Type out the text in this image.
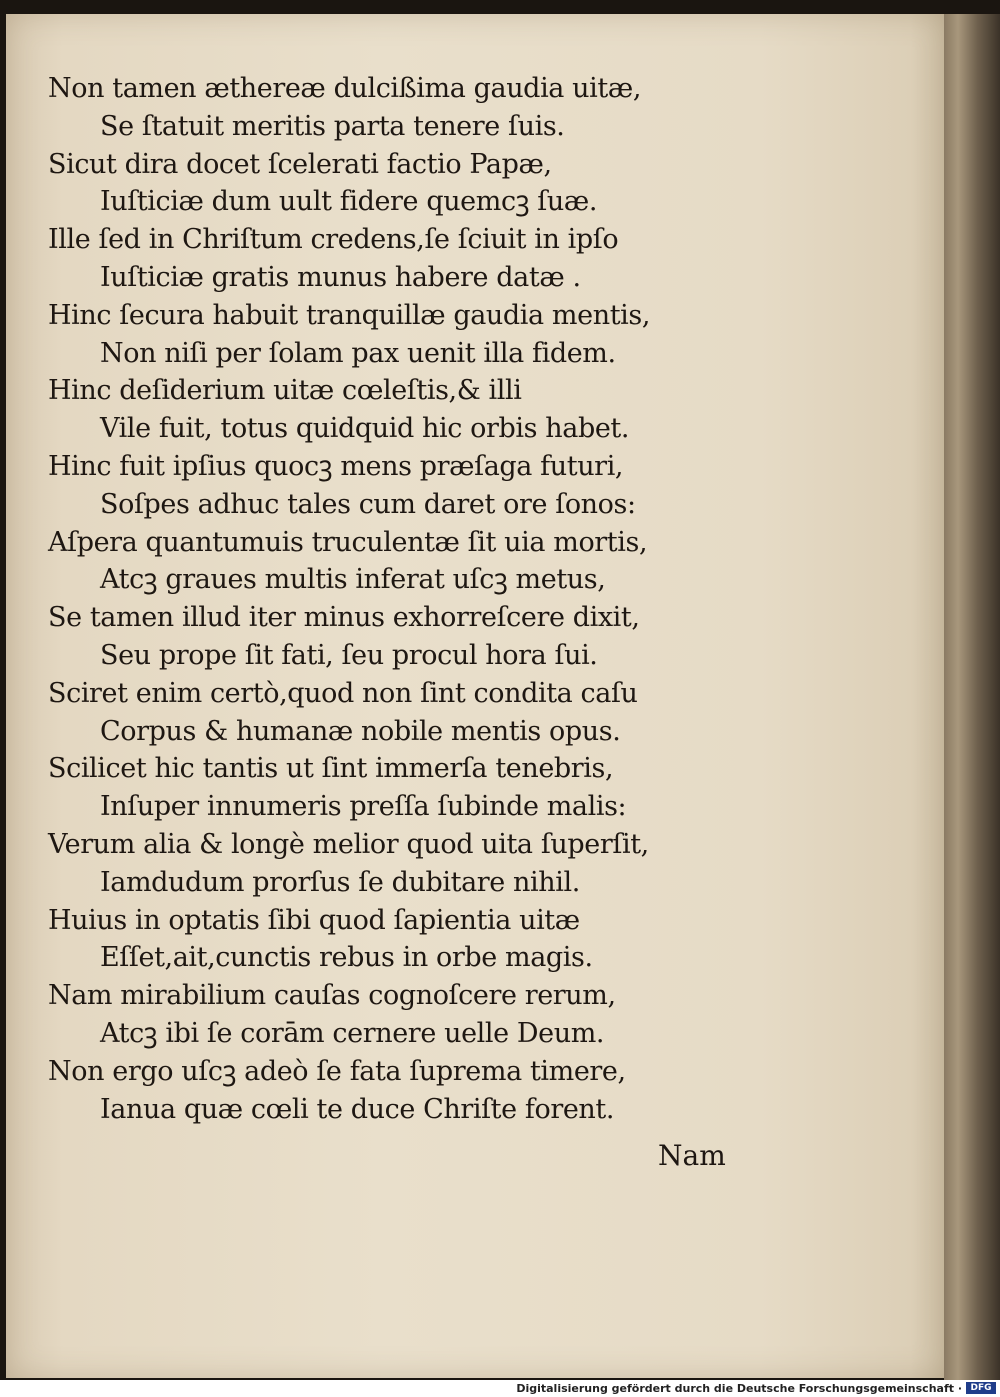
Non tamen æthereæ dulcißima gaudia uitæ,
Se ſtatuit meritis parta tenere ſuis.
Sicut dira docet ſcelerati factio Papæ,
Iuſticiæ dum uult fidere quemcꝫ ſuæ.
Ille ſed in Chriſtum credens,ſe ſciuit in ipſo
Iuſticiæ gratis munus habere datæ .
Hinc ſecura habuit tranquillæ gaudia mentis,
Non niſi per ſolam pax uenit illa fidem.
Hinc deſiderium uitæ cœleſtis,& illi
Vile fuit, totus quidquid hic orbis habet.
Hinc fuit ipſius quocꝫ mens præſaga futuri,
Soſpes adhuc tales cum daret ore ſonos:
Aſpera quantumuis truculentæ ſit uia mortis,
Atcꝫ graues multis inferat uſcꝫ metus,
Se tamen illud iter minus exhorreſcere dixit,
Seu prope ſit fati, ſeu procul hora ſui.
Sciret enim certò,quod non ſint condita caſu
Corpus & humanæ nobile mentis opus.
Scilicet hic tantis ut ſint immerſa tenebris,
Inſuper innumeris preſſa ſubinde malis:
Verum alia & longè melior quod uita ſuperſit,
Iamdudum prorſus ſe dubitare nihil.
Huius in optatis ſibi quod ſapientia uitæ
Eſſet,ait,cunctis rebus in orbe magis.
Nam mirabilium cauſas cognoſcere rerum,
Atcꝫ ibi ſe corām cernere uelle Deum.
Non ergo uſcꝫ adeò ſe fata ſuprema timere,
Ianua quæ cœli te duce Chriſte forent.
Nam
Digitalisierung gefördert durch die Deutsche Forschungsgemeinschaft · DFG
